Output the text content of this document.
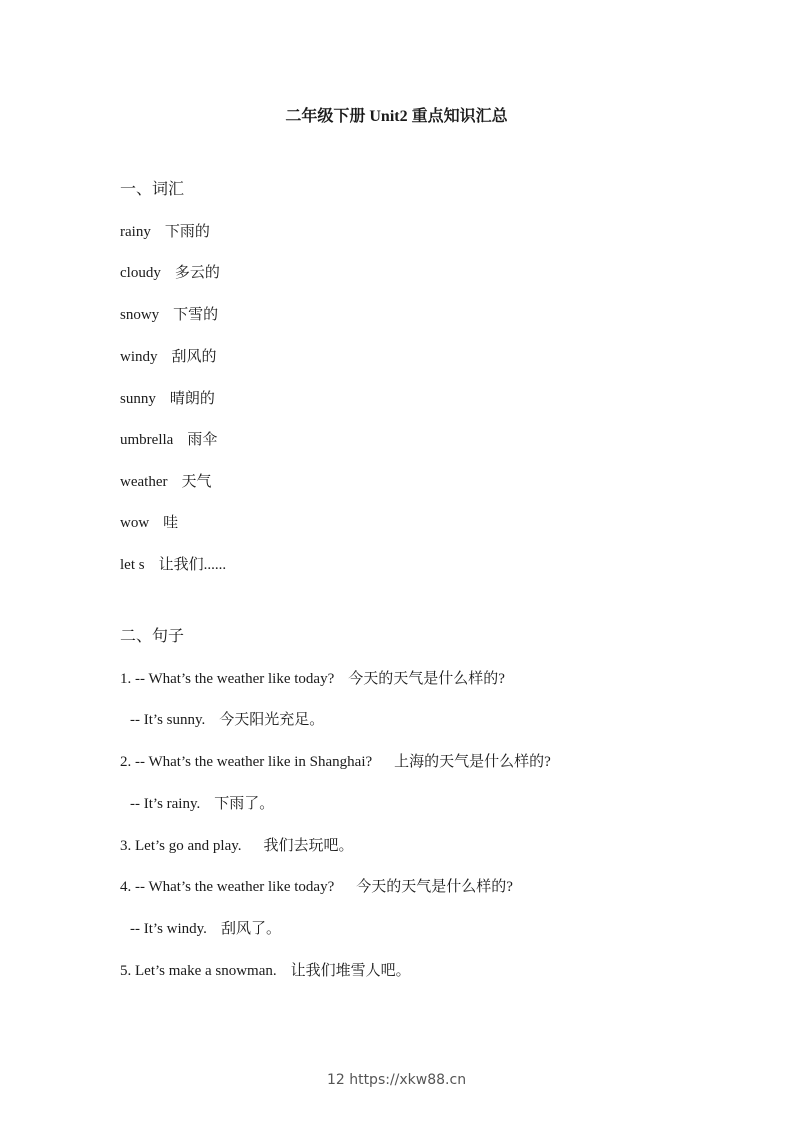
二年级下册 Unit2 重点知识汇总
一、词汇
rainy 下雨的
cloudy 多云的
snowy 下雪的
windy 刮风的
sunny 晴朗的
umbrella 雨伞
weather 天气
wow 哇
let s 让我们......
二、句子
1. -- What’s the weather like today? 今天的天气是什么样的?
-- It’s sunny. 今天阳光充足。
2. -- What’s the weather like in Shanghai? 上海的天气是什么样的?
-- It’s rainy. 下雨了。
3. Let’s go and play. 我们去玩吧。
4. -- What’s the weather like today? 今天的天气是什么样的?
-- It’s windy. 刮风了。
5. Let’s make a snowman. 让我们堆雪人吧。
12 https://xkw88.cn
